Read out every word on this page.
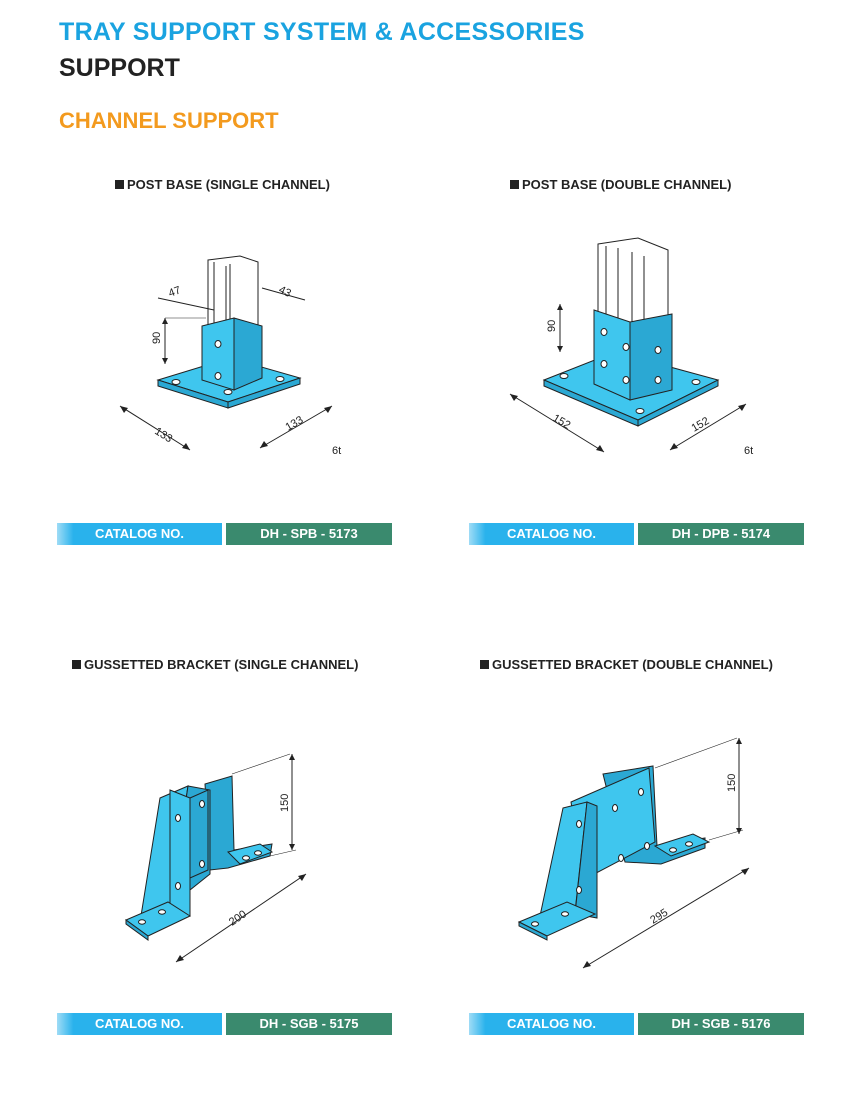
TRAY SUPPORT SYSTEM & ACCESSORIES
SUPPORT
CHANNEL SUPPORT
POST BASE (SINGLE CHANNEL)
90
47	43
133
133
6t
CATALOG NO.	DH - SPB - 5173
POST BASE (DOUBLE CHANNEL)
90
152	152
6t
CATALOG NO.	DH - DPB - 5174
GUSSETTED BRACKET (SINGLE CHANNEL)
150
200
CATALOG NO.	DH - SGB - 5175
GUSSETTED BRACKET (DOUBLE CHANNEL)
150
295
CATALOG NO.	DH - SGB - 5176
